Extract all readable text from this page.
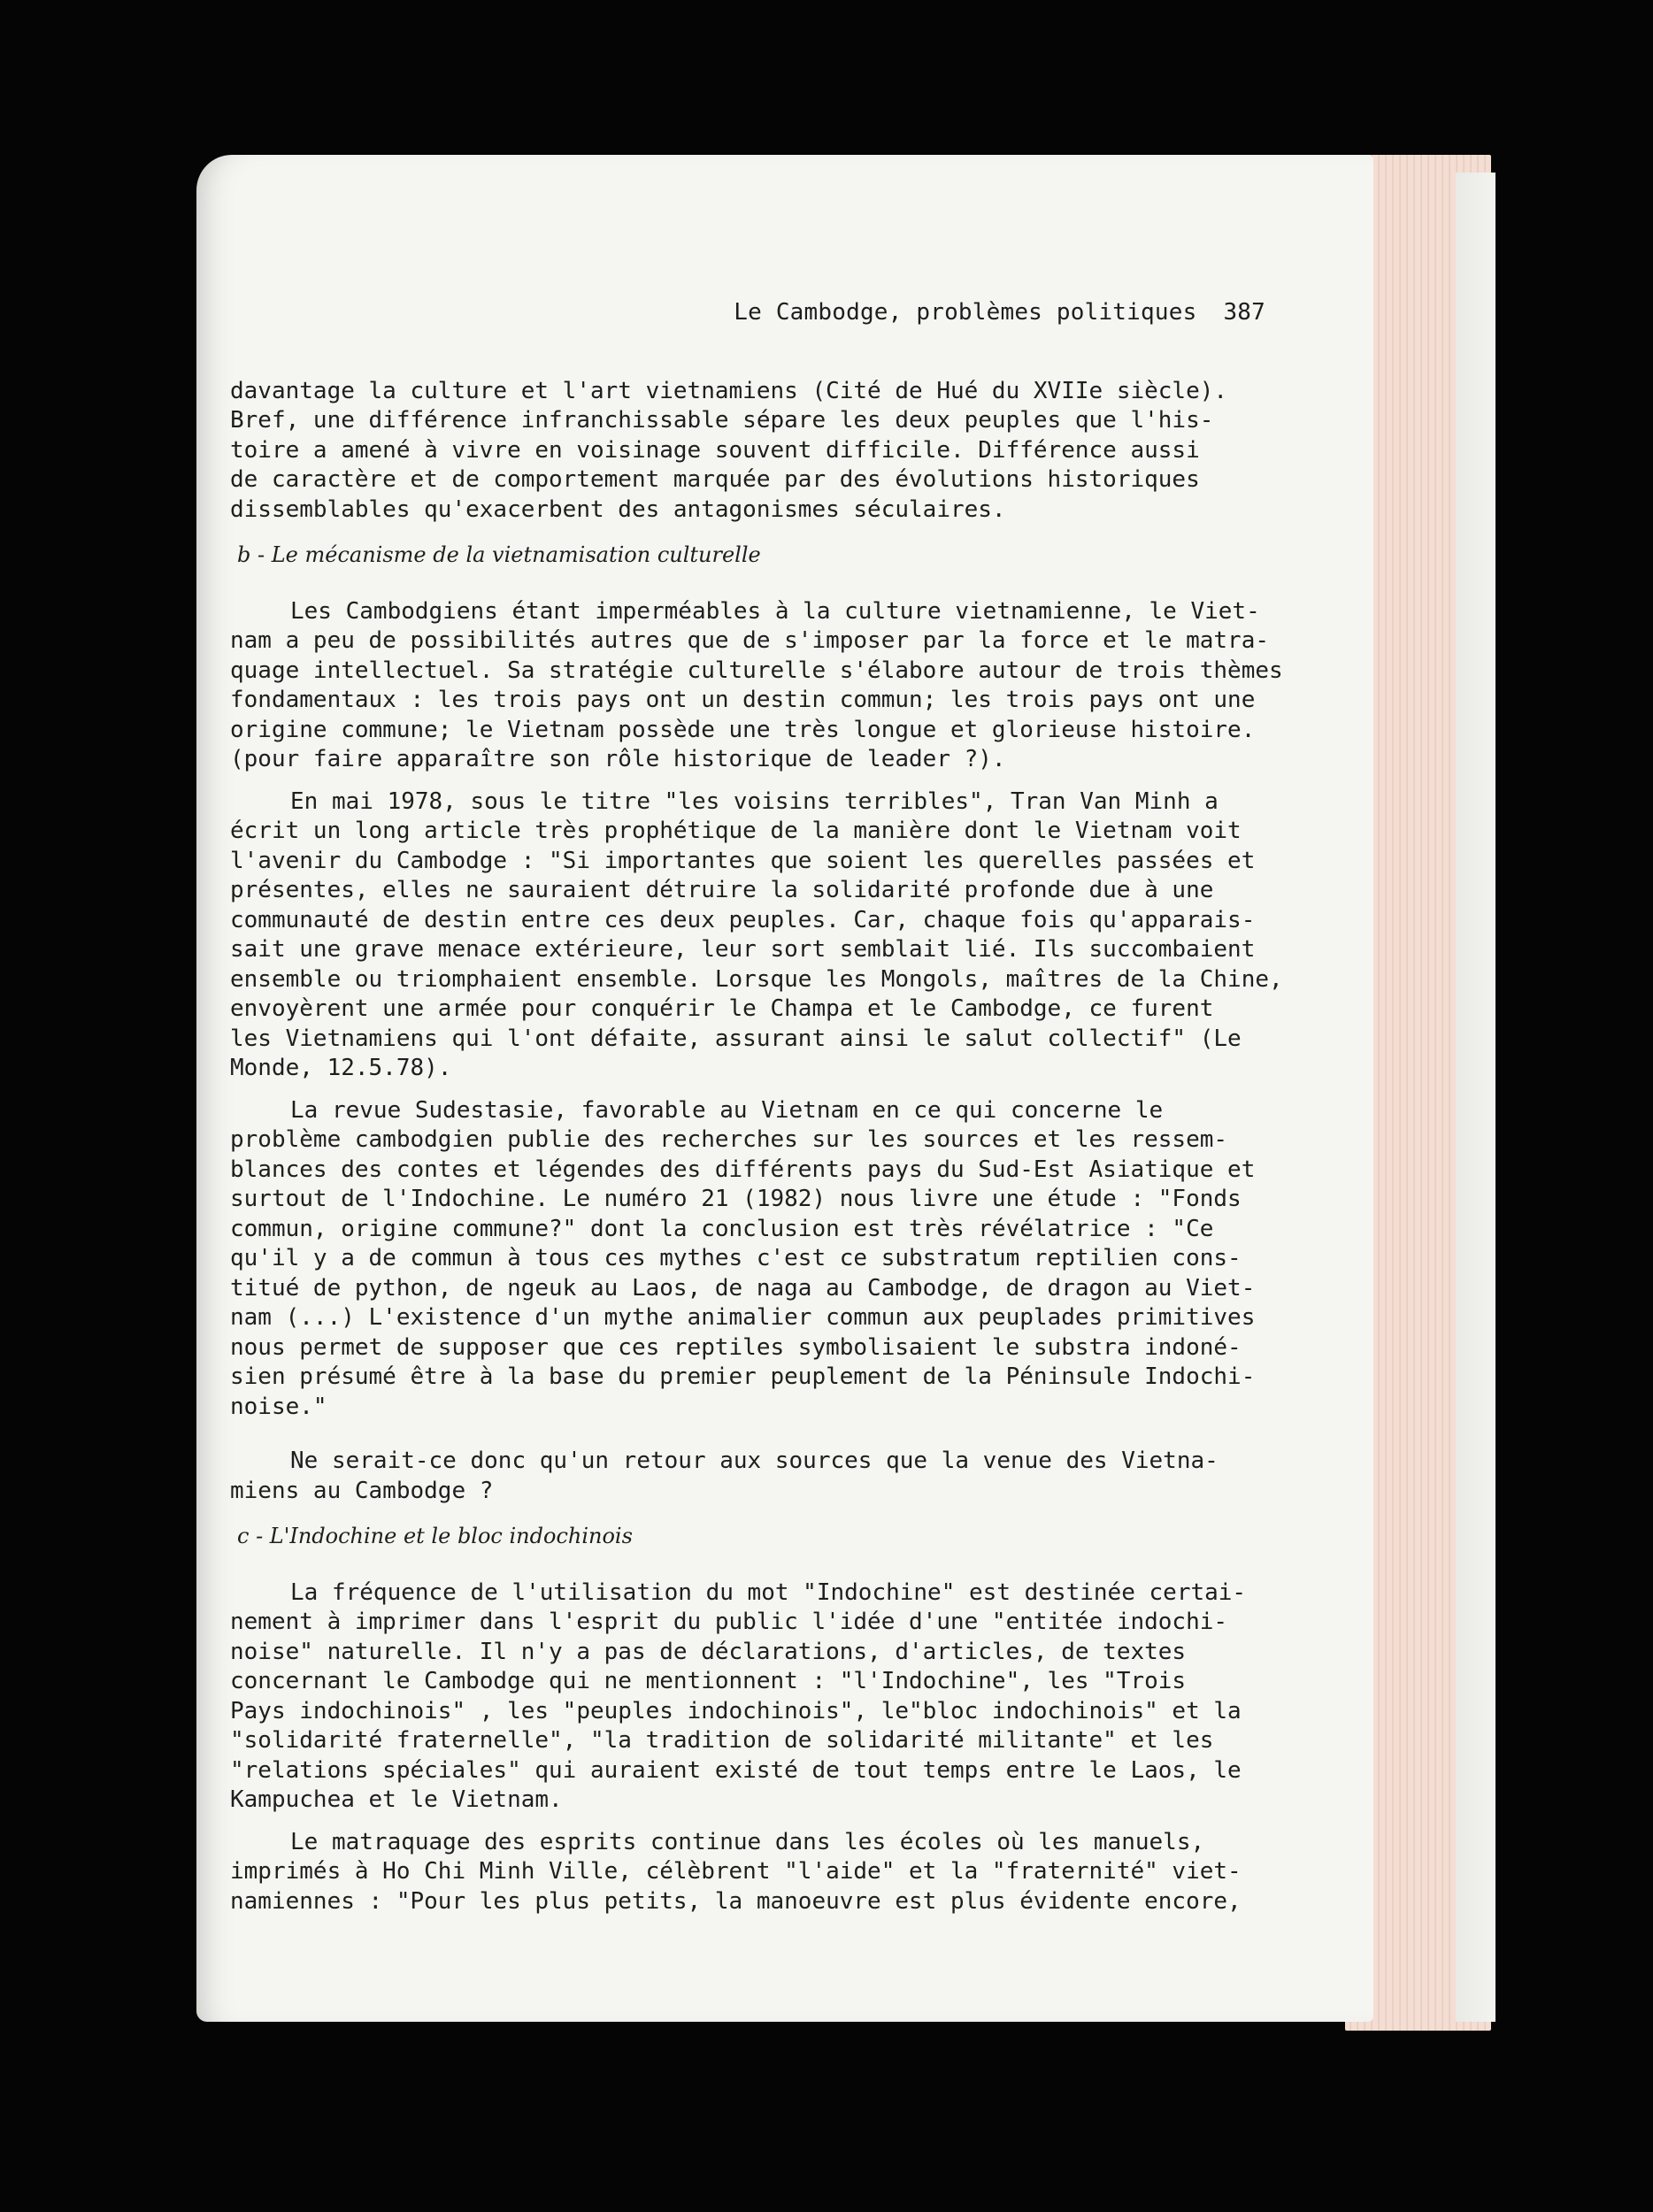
Le Cambodge, problèmes politiques 387
davantage la culture et l'art vietnamiens (Cité de Hué du XVIIe siècle).
Bref, une différence infranchissable sépare les deux peuples que l'his-
toire a amené à vivre en voisinage souvent difficile. Différence aussi
de caractère et de comportement marquée par des évolutions historiques
dissemblables qu'exacerbent des antagonismes séculaires.
b - Le mécanisme de la vietnamisation culturelle
Les Cambodgiens étant imperméables à la culture vietnamienne, le Viet-
nam a peu de possibilités autres que de s'imposer par la force et le matra-
quage intellectuel. Sa stratégie culturelle s'élabore autour de trois thèmes
fondamentaux : les trois pays ont un destin commun; les trois pays ont une
origine commune; le Vietnam possède une très longue et glorieuse histoire.
(pour faire apparaître son rôle historique de leader ?).
En mai 1978, sous le titre "les voisins terribles", Tran Van Minh a
écrit un long article très prophétique de la manière dont le Vietnam voit
l'avenir du Cambodge : "Si importantes que soient les querelles passées et
présentes, elles ne sauraient détruire la solidarité profonde due à une
communauté de destin entre ces deux peuples. Car, chaque fois qu'apparais-
sait une grave menace extérieure, leur sort semblait lié. Ils succombaient
ensemble ou triomphaient ensemble. Lorsque les Mongols, maîtres de la Chine,
envoyèrent une armée pour conquérir le Champa et le Cambodge, ce furent
les Vietnamiens qui l'ont défaite, assurant ainsi le salut collectif" (Le
Monde, 12.5.78).
La revue Sudestasie, favorable au Vietnam en ce qui concerne le
problème cambodgien publie des recherches sur les sources et les ressem-
blances des contes et légendes des différents pays du Sud-Est Asiatique et
surtout de l'Indochine. Le numéro 21 (1982) nous livre une étude : "Fonds
commun, origine commune?" dont la conclusion est très révélatrice : "Ce
qu'il y a de commun à tous ces mythes c'est ce substratum reptilien cons-
titué de python, de ngeuk au Laos, de naga au Cambodge, de dragon au Viet-
nam (...) L'existence d'un mythe animalier commun aux peuplades primitives
nous permet de supposer que ces reptiles symbolisaient le substra indoné-
sien présumé être à la base du premier peuplement de la Péninsule Indochi-
noise."
Ne serait-ce donc qu'un retour aux sources que la venue des Vietna-
miens au Cambodge ?
c - L'Indochine et le bloc indochinois
La fréquence de l'utilisation du mot "Indochine" est destinée certai-
nement à imprimer dans l'esprit du public l'idée d'une "entitée indochi-
noise" naturelle. Il n'y a pas de déclarations, d'articles, de textes
concernant le Cambodge qui ne mentionnent : "l'Indochine", les "Trois
Pays indochinois" , les "peuples indochinois", le"bloc indochinois" et la
"solidarité fraternelle", "la tradition de solidarité militante" et les
"relations spéciales" qui auraient existé de tout temps entre le Laos, le
Kampuchea et le Vietnam.
Le matraquage des esprits continue dans les écoles où les manuels,
imprimés à Ho Chi Minh Ville, célèbrent "l'aide" et la "fraternité" viet-
namiennes : "Pour les plus petits, la manoeuvre est plus évidente encore,
